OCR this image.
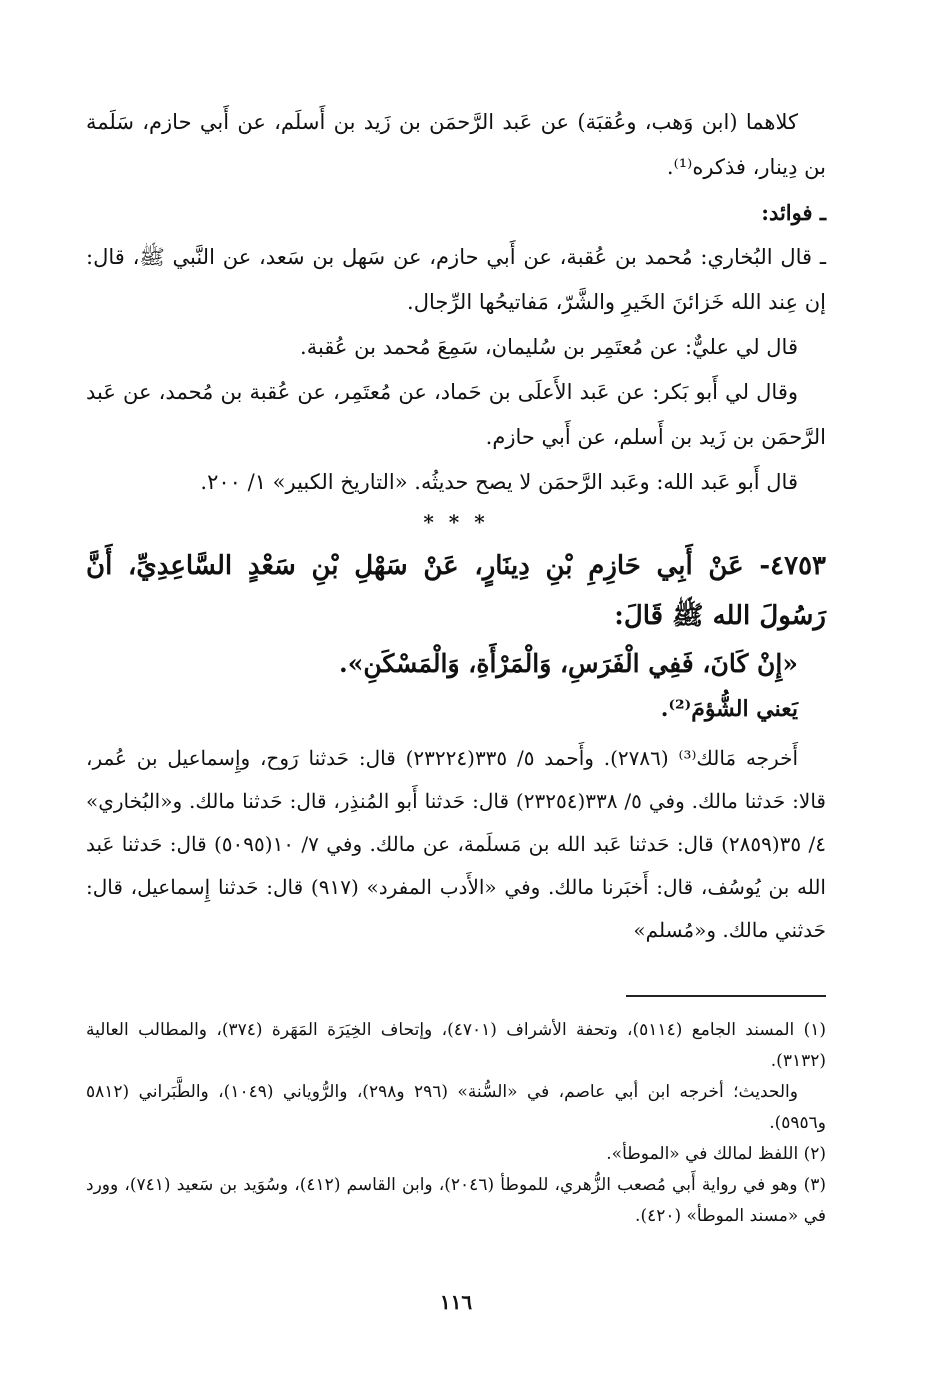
كلاهما (ابن وَهب، وعُقبَة) عن عَبد الرَّحمَن بن زَيد بن أَسلَم، عن أَبي حازم، سَلَمة بن دِينار، فذكره⁽¹⁾.

ـ فوائد:

ـ قال البُخاري: مُحمد بن عُقبة، عن أَبي حازم، عن سَهل بن سَعد، عن النَّبي ﷺ، قال: إن عِند الله خَزائنَ الخَيرِ والشَّرّ، مَفاتيحُها الرِّجال.

قال لي عليٌّ: عن مُعتَمِر بن سُليمان، سَمِعَ مُحمد بن عُقبة.

وقال لي أَبو بَكر: عن عَبد الأَعلَى بن حَماد، عن مُعتَمِر، عن عُقبة بن مُحمد، عن عَبد الرَّحمَن بن زَيد بن أَسلم، عن أَبي حازم.

قال أَبو عَبد الله: وعَبد الرَّحمَن لا يصح حديثُه. «التاريخ الكبير» ١/ ٢٠٠.

* * *

٤٧٥٣- عَنْ أَبِي حَازِمِ بْنِ دِينَارٍ، عَنْ سَهْلِ بْنِ سَعْدٍ السَّاعِدِيِّ، أَنَّ رَسُولَ الله ﷺ قَالَ:

«إِنْ كَانَ، فَفِي الْفَرَسِ، وَالْمَرْأَةِ، وَالْمَسْكَنِ».

يَعني الشُّؤمَ⁽²⁾.

أَخرجه مَالك⁽³⁾ (٢٧٨٦). وأَحمد ٥/ ٣٣٥(٢٣٢٢٤) قال: حَدثنا رَوح، وإِسماعيل بن عُمر، قالا: حَدثنا مالك. وفي ٥/ ٣٣٨(٢٣٢٥٤) قال: حَدثنا أَبو المُنذِر، قال: حَدثنا مالك. و«البُخاري» ٤/ ٣٥(٢٨٥٩) قال: حَدثنا عَبد الله بن مَسلَمة، عن مالك. وفي ٧/ ١٠(٥٠٩٥) قال: حَدثنا عَبد الله بن يُوسُف، قال: أَخبَرنا مالك. وفي «الأَدب المفرد» (٩١٧) قال: حَدثنا إِسماعيل، قال: حَدثني مالك. و«مُسلم»

(١) المسند الجامع (٥١١٤)، وتحفة الأشراف (٤٧٠١)، وإتحاف الخِيَرَة المَهَرة (٣٧٤)، والمطالب العالية (٣١٣٢).

والحديث؛ أخرجه ابن أبي عاصم، في «السُّنة» (٢٩٦ و٢٩٨)، والرُّوياني (١٠٤٩)، والطَّبَراني (٥٨١٢ و٥٩٥٦).

(٢) اللفظ لمالك في «الموطأ».

(٣) وهو في رواية أَبي مُصعب الزُّهري، للموطأ (٢٠٤٦)، وابن القاسم (٤١٢)، وسُوَيد بن سَعيد (٧٤١)، وورد في «مسند الموطأ» (٤٢٠).

١١٦
